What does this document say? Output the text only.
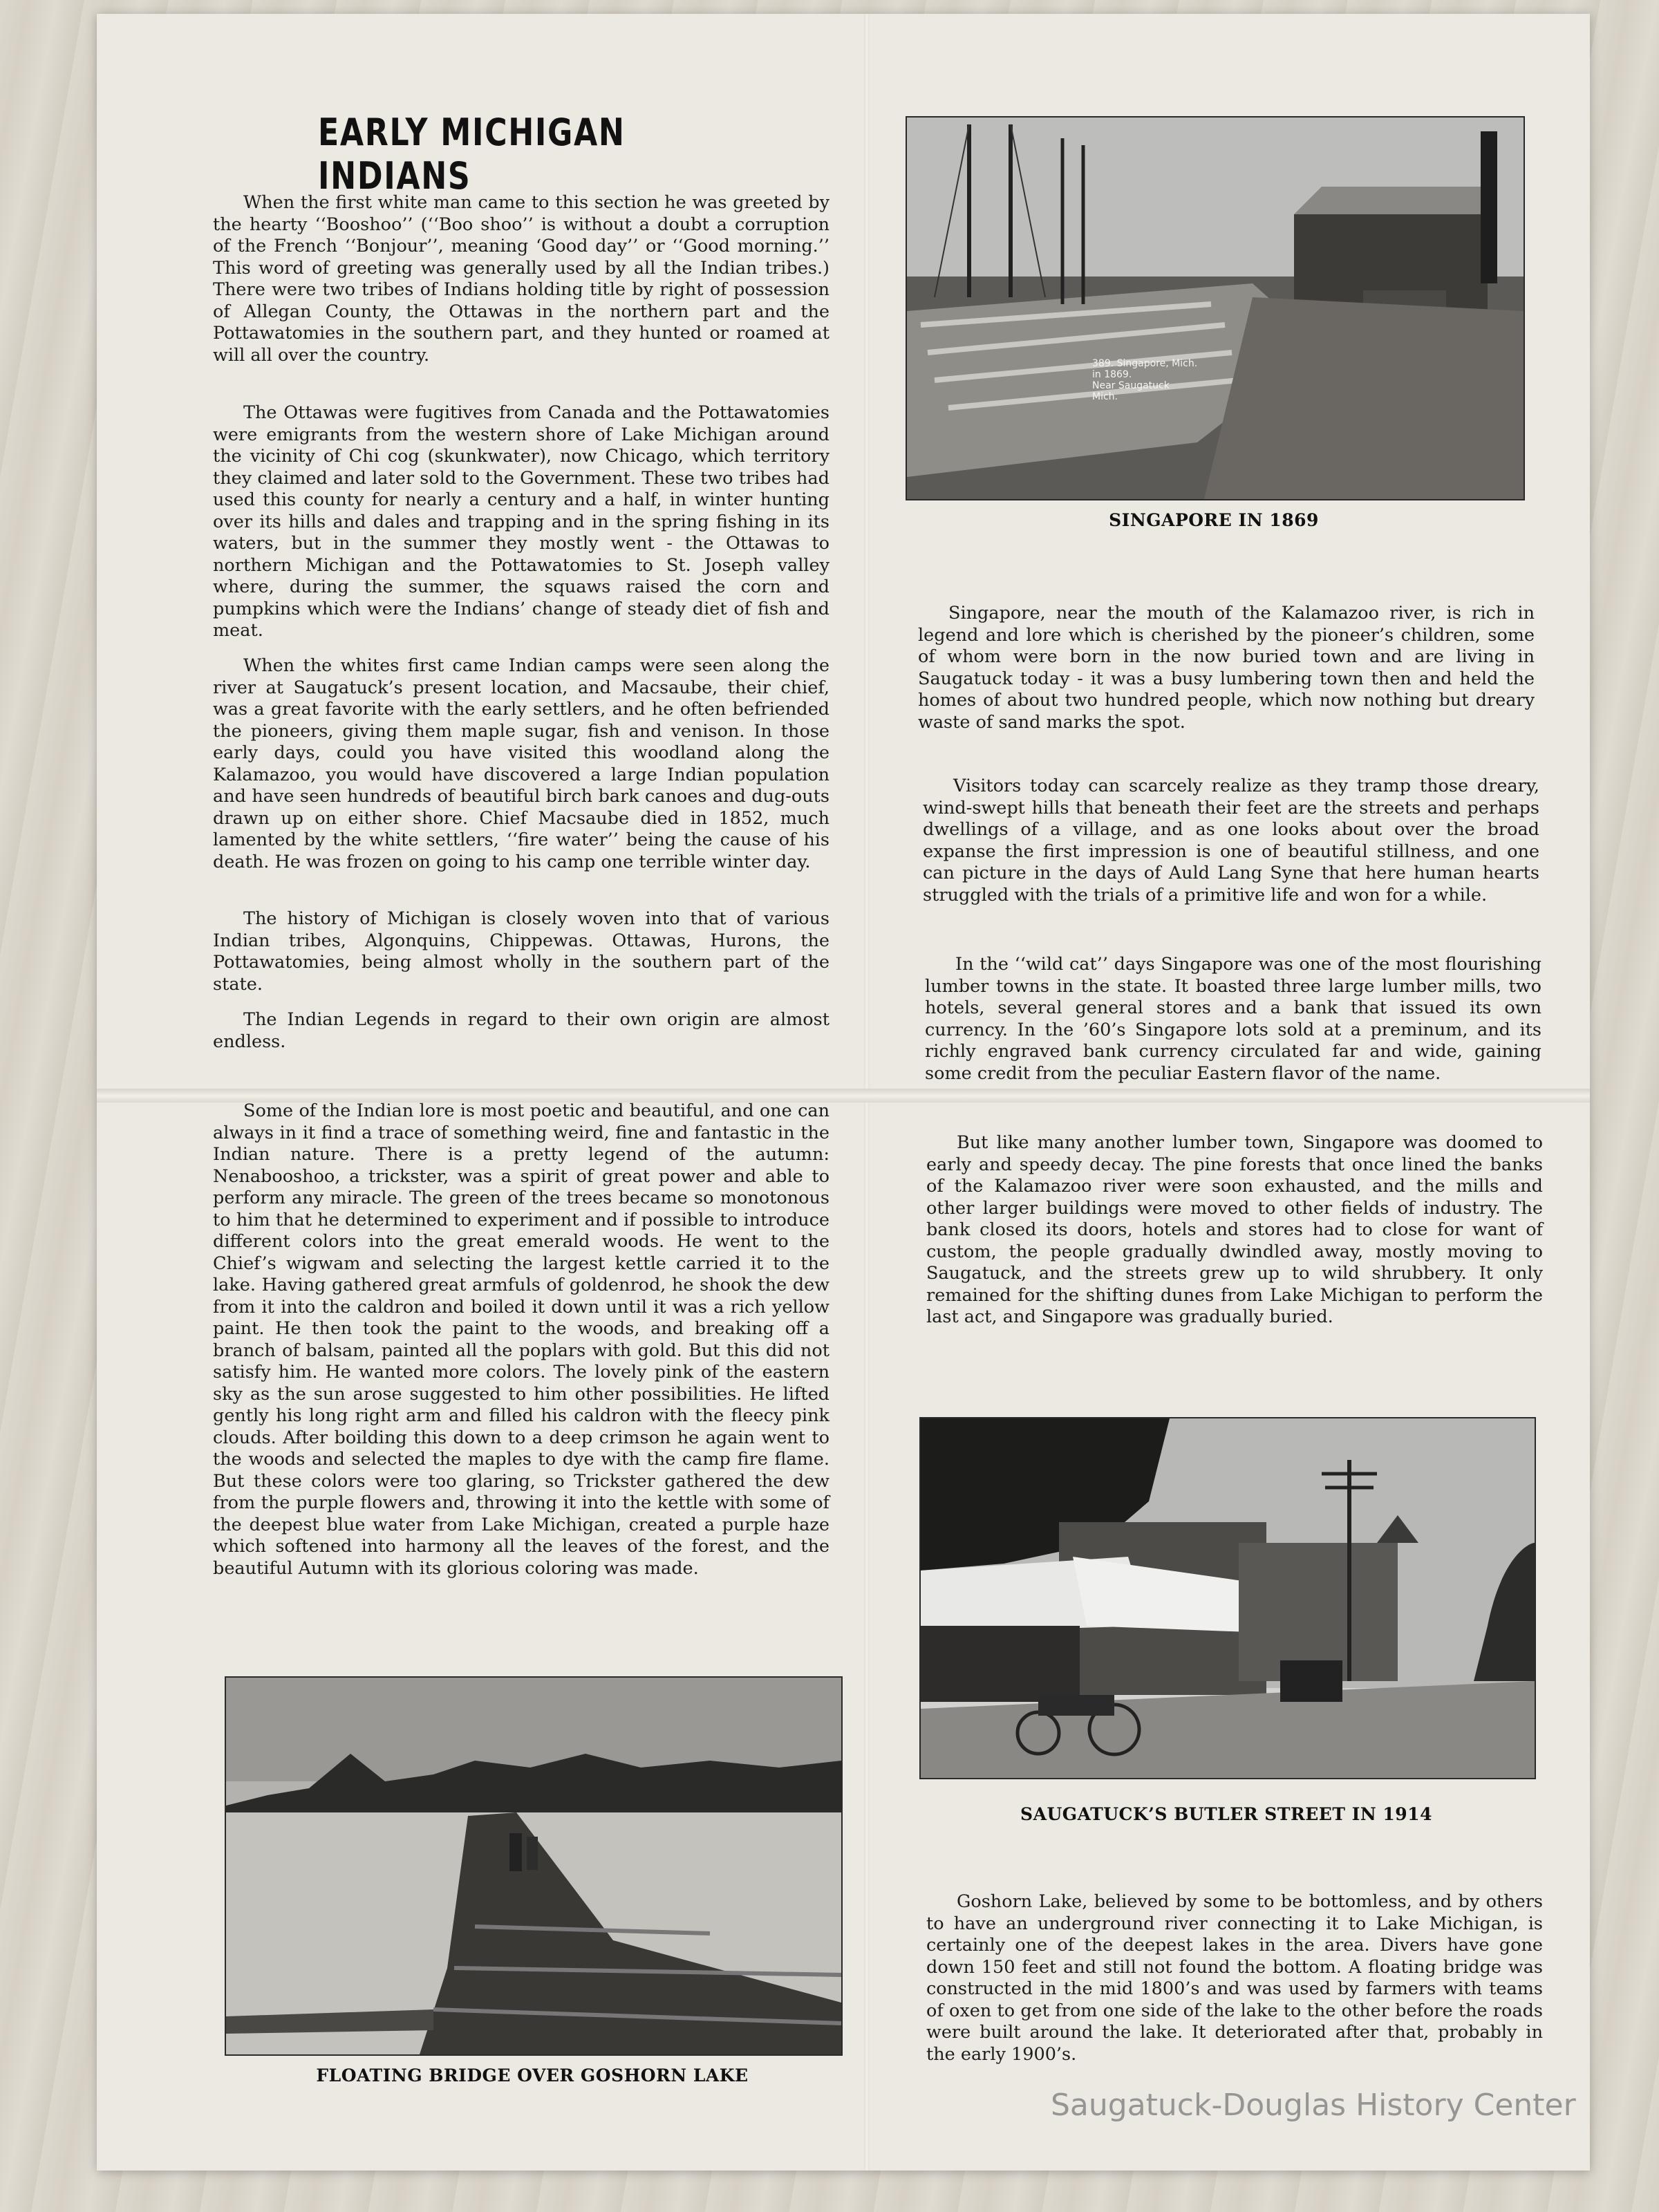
EARLY MICHIGAN INDIANS

When the first white man came to this section he was greeted by the hearty ‘‘Booshoo’’ (‘‘Boo shoo’’ is without a doubt a corruption of the French ‘‘Bonjour’’, meaning ‘Good day’’ or ‘‘Good morning.’’ This word of greeting was generally used by all the Indian tribes.) There were two tribes of Indians holding title by right of possession of Allegan County, the Ottawas in the northern part and the Pottawatomies in the southern part, and they hunted or roamed at will all over the country.

The Ottawas were fugitives from Canada and the Pottawatomies were emigrants from the western shore of Lake Michigan around the vicinity of Chi cog (skunkwater), now Chicago, which territory they claimed and later sold to the Government. These two tribes had used this county for nearly a century and a half, in winter hunting over its hills and dales and trapping and in the spring fishing in its waters, but in the summer they mostly went - the Ottawas to northern Michigan and the Pottawatomies to St. Joseph valley where, during the summer, the squaws raised the corn and pumpkins which were the Indians’ change of steady diet of fish and meat.

When the whites first came Indian camps were seen along the river at Saugatuck’s present location, and Macsaube, their chief, was a great favorite with the early settlers, and he often befriended the pioneers, giving them maple sugar, fish and venison. In those early days, could you have visited this woodland along the Kalamazoo, you would have discovered a large Indian population and have seen hundreds of beautiful birch bark canoes and dug-outs drawn up on either shore. Chief Macsaube died in 1852, much lamented by the white settlers, ‘‘fire water’’ being the cause of his death. He was frozen on going to his camp one terrible winter day.

The history of Michigan is closely woven into that of various Indian tribes, Algonquins, Chippewas. Ottawas, Hurons, the Pottawatomies, being almost wholly in the southern part of the state.

The Indian Legends in regard to their own origin are almost endless.

Some of the Indian lore is most poetic and beautiful, and one can always in it find a trace of something weird, fine and fantastic in the Indian nature. There is a pretty legend of the autumn: Nenabooshoo, a trickster, was a spirit of great power and able to perform any miracle. The green of the trees became so monotonous to him that he determined to experiment and if possible to introduce different colors into the great emerald woods. He went to the Chief’s wigwam and selecting the largest kettle carried it to the lake. Having gathered great armfuls of goldenrod, he shook the dew from it into the caldron and boiled it down until it was a rich yellow paint. He then took the paint to the woods, and breaking off a branch of balsam, painted all the poplars with gold. But this did not satisfy him. He wanted more colors. The lovely pink of the eastern sky as the sun arose suggested to him other possibilities. He lifted gently his long right arm and filled his caldron with the fleecy pink clouds. After boilding this down to a deep crimson he again went to the woods and selected the maples to dye with the camp fire flame. But these colors were too glaring, so Trickster gathered the dew from the purple flowers and, throwing it into the kettle with some of the deepest blue water from Lake Michigan, created a purple haze which softened into harmony all the leaves of the forest, and the beautiful Autumn with its glorious coloring was made.

FLOATING BRIDGE OVER GOSHORN LAKE

389. Singapore, Mich.
in 1869.
Near Saugatuck
Mich.

SINGAPORE IN 1869

Singapore, near the mouth of the Kalamazoo river, is rich in legend and lore which is cherished by the pioneer’s children, some of whom were born in the now buried town and are living in Saugatuck today - it was a busy lumbering town then and held the homes of about two hundred people, which now nothing but dreary waste of sand marks the spot.

Visitors today can scarcely realize as they tramp those dreary, wind-swept hills that beneath their feet are the streets and perhaps dwellings of a village, and as one looks about over the broad expanse the first impression is one of beautiful stillness, and one can picture in the days of Auld Lang Syne that here human hearts struggled with the trials of a primitive life and won for a while.

In the ‘‘wild cat’’ days Singapore was one of the most flourishing lumber towns in the state. It boasted three large lumber mills, two hotels, several general stores and a bank that issued its own currency. In the ’60’s Singapore lots sold at a preminum, and its richly engraved bank currency circulated far and wide, gaining some credit from the peculiar Eastern flavor of the name.

But like many another lumber town, Singapore was doomed to early and speedy decay. The pine forests that once lined the banks of the Kalamazoo river were soon exhausted, and the mills and other larger buildings were moved to other fields of industry. The bank closed its doors, hotels and stores had to close for want of custom, the people gradually dwindled away, mostly moving to Saugatuck, and the streets grew up to wild shrubbery. It only remained for the shifting dunes from Lake Michigan to perform the last act, and Singapore was gradually buried.

SAUGATUCK’S BUTLER STREET IN 1914

Goshorn Lake, believed by some to be bottomless, and by others to have an underground river connecting it to Lake Michigan, is certainly one of the deepest lakes in the area. Divers have gone down 150 feet and still not found the bottom. A floating bridge was constructed in the mid 1800’s and was used by farmers with teams of oxen to get from one side of the lake to the other before the roads were built around the lake. It deteriorated after that, probably in the early 1900’s.

Saugatuck-Douglas History Center
